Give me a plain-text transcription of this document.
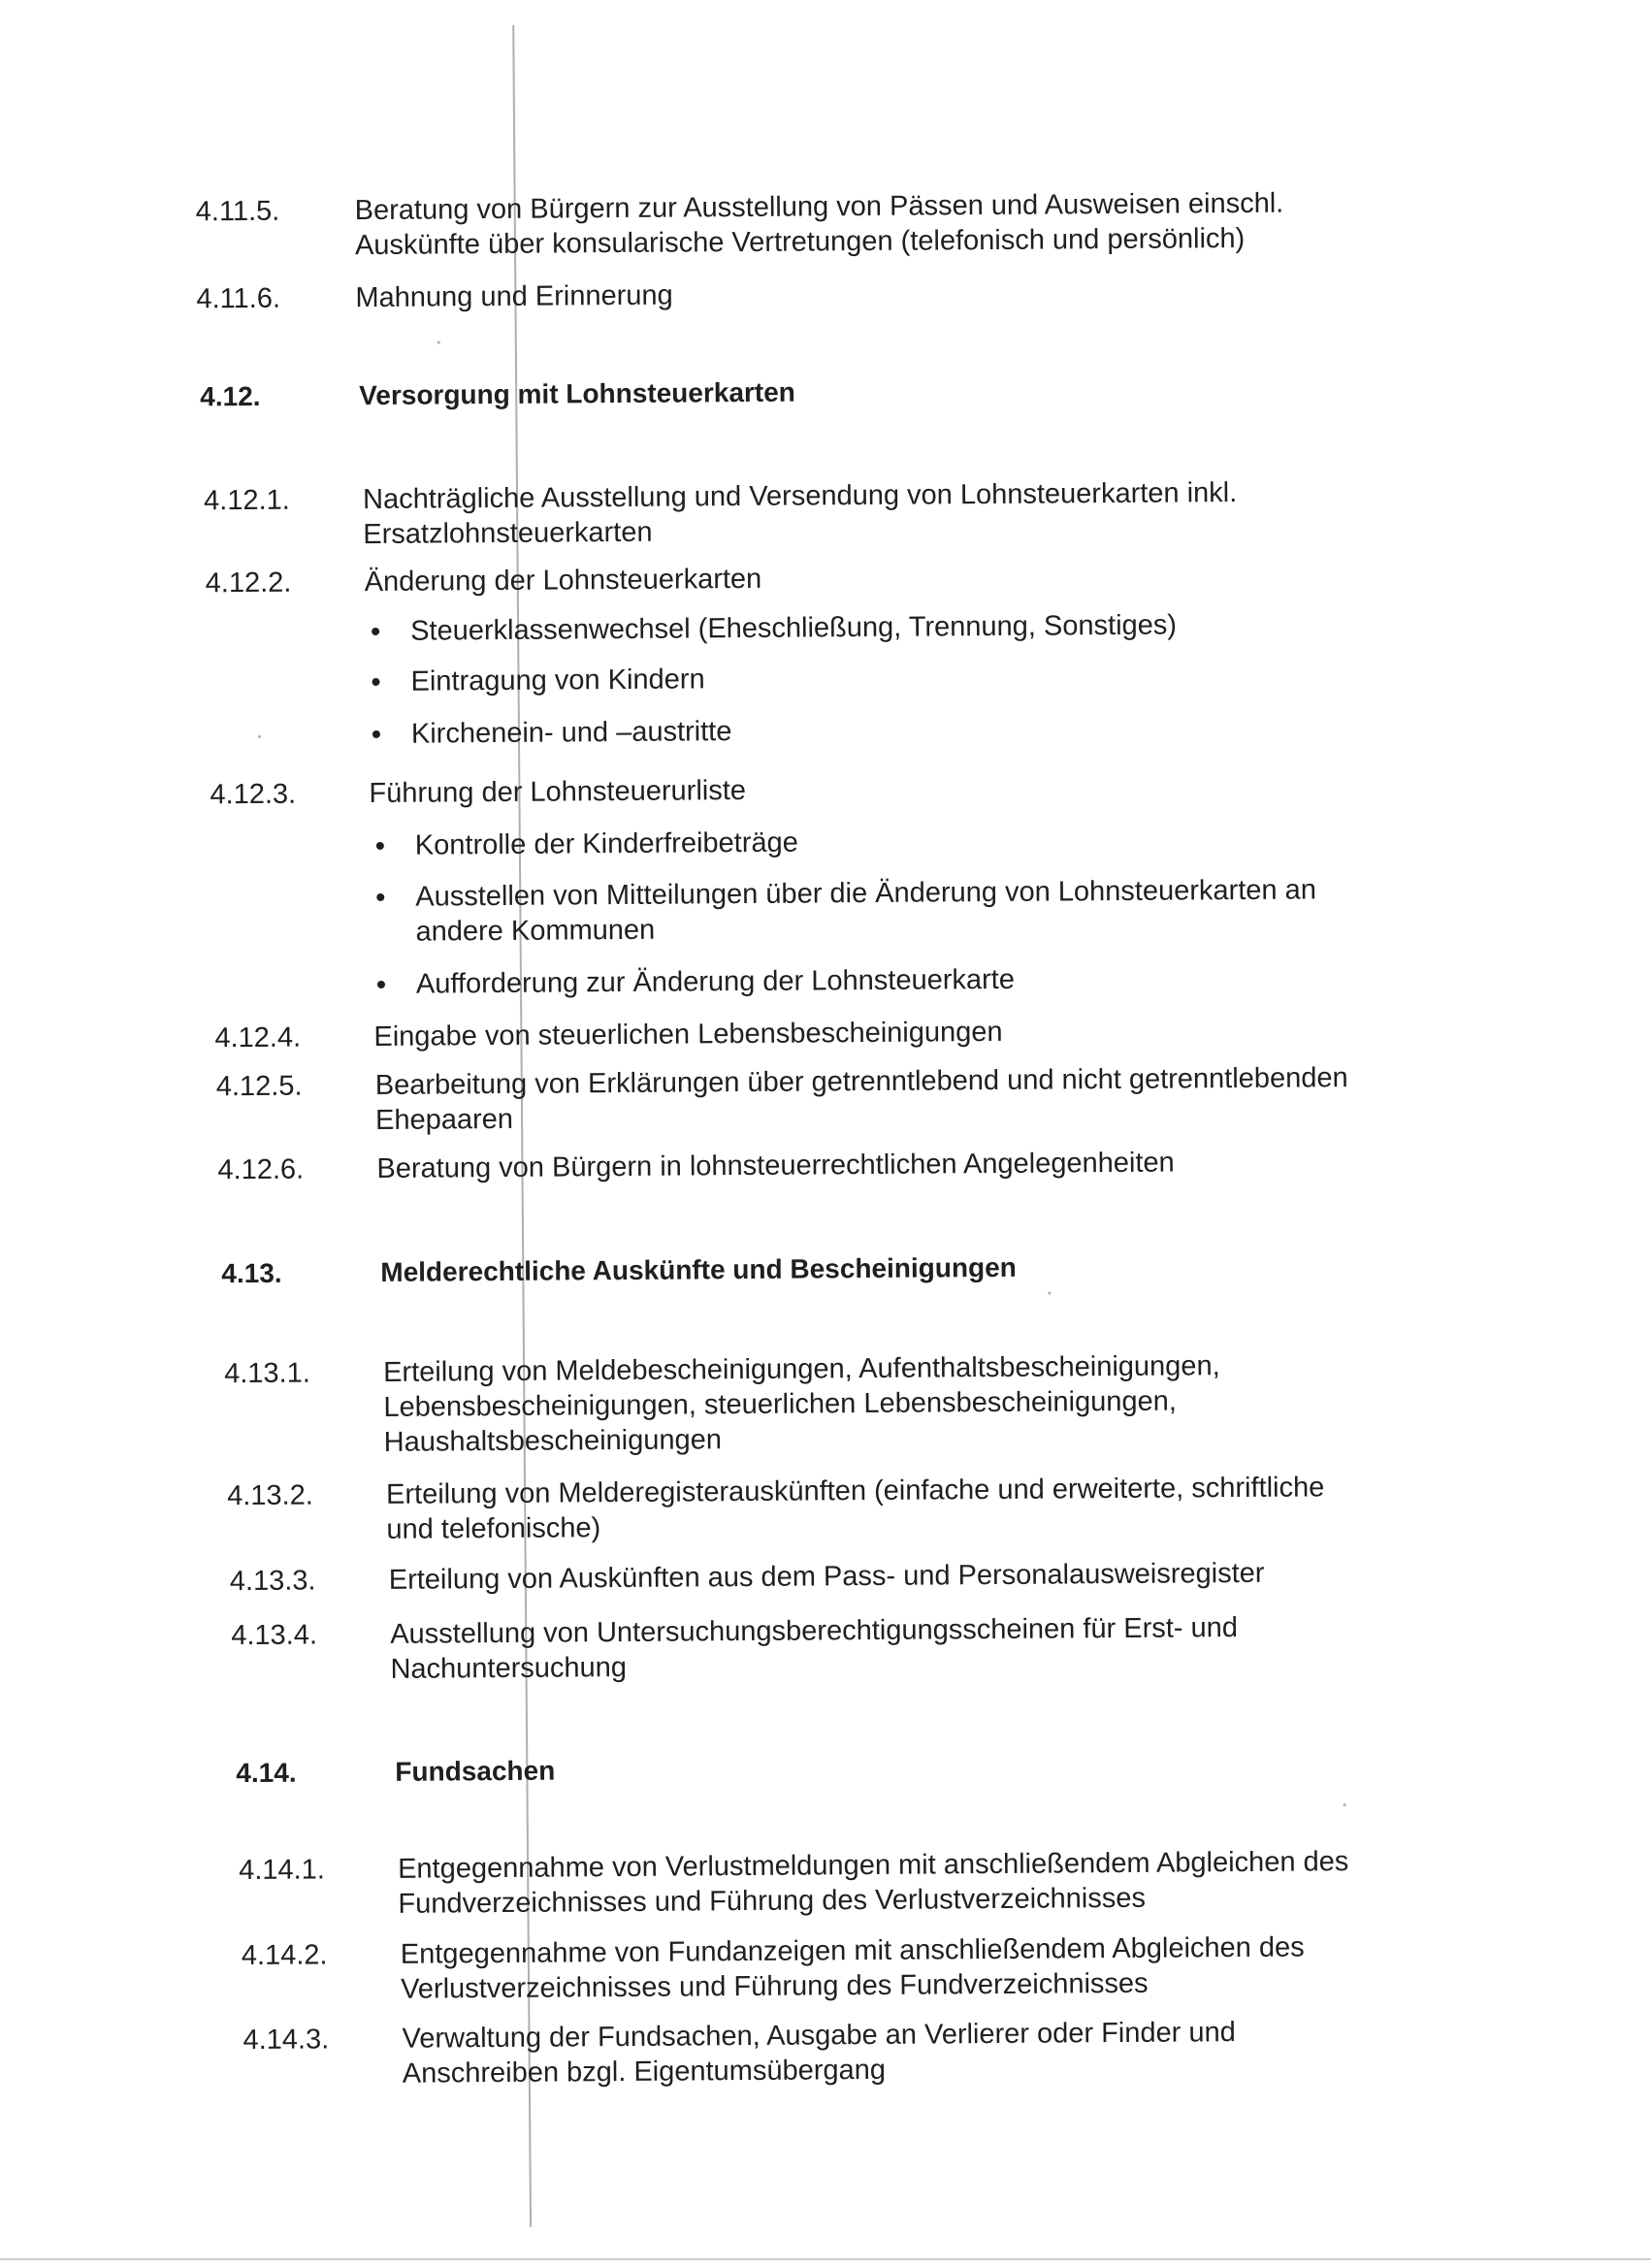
4.11.5.	Beratung von Bürgern zur Ausstellung von Pässen und Ausweisen einschl.
Auskünfte über konsularische Vertretungen (telefonisch und persönlich)
4.11.6.	Mahnung und Erinnerung
4.12.	Versorgung mit Lohnsteuerkarten
4.12.1.	Nachträgliche Ausstellung und Versendung von Lohnsteuerkarten inkl.
Ersatzlohnsteuerkarten
4.12.2.	Änderung der Lohnsteuerkarten
Steuerklassenwechsel (Eheschließung, Trennung, Sonstiges)
Eintragung von Kindern
Kirchenein- und –austritte
4.12.3.	Führung der Lohnsteuerurliste
Kontrolle der Kinderfreibeträge
Ausstellen von Mitteilungen über die Änderung von Lohnsteuerkarten an
andere Kommunen
Aufforderung zur Änderung der Lohnsteuerkarte
4.12.4.	Eingabe von steuerlichen Lebensbescheinigungen
4.12.5.	Bearbeitung von Erklärungen über getrenntlebend und nicht getrenntlebenden
Ehepaaren
4.12.6.	Beratung von Bürgern in lohnsteuerrechtlichen Angelegenheiten
4.13.	Melderechtliche Auskünfte und Bescheinigungen
4.13.1.	Erteilung von Meldebescheinigungen, Aufenthaltsbescheinigungen,
Lebensbescheinigungen, steuerlichen Lebensbescheinigungen,
Haushaltsbescheinigungen
4.13.2.	Erteilung von Melderegisterauskünften (einfache und erweiterte, schriftliche
und telefonische)
4.13.3.	Erteilung von Auskünften aus dem Pass- und Personalausweisregister
4.13.4.	Ausstellung von Untersuchungsberechtigungsscheinen für Erst- und
Nachuntersuchung
4.14.	Fundsachen
4.14.1.	Entgegennahme von Verlustmeldungen mit anschließendem Abgleichen des
Fundverzeichnisses und Führung des Verlustverzeichnisses
4.14.2.	Entgegennahme von Fundanzeigen mit anschließendem Abgleichen des
Verlustverzeichnisses und Führung des Fundverzeichnisses
4.14.3.	Verwaltung der Fundsachen, Ausgabe an Verlierer oder Finder und
Anschreiben bzgl. Eigentumsübergang
